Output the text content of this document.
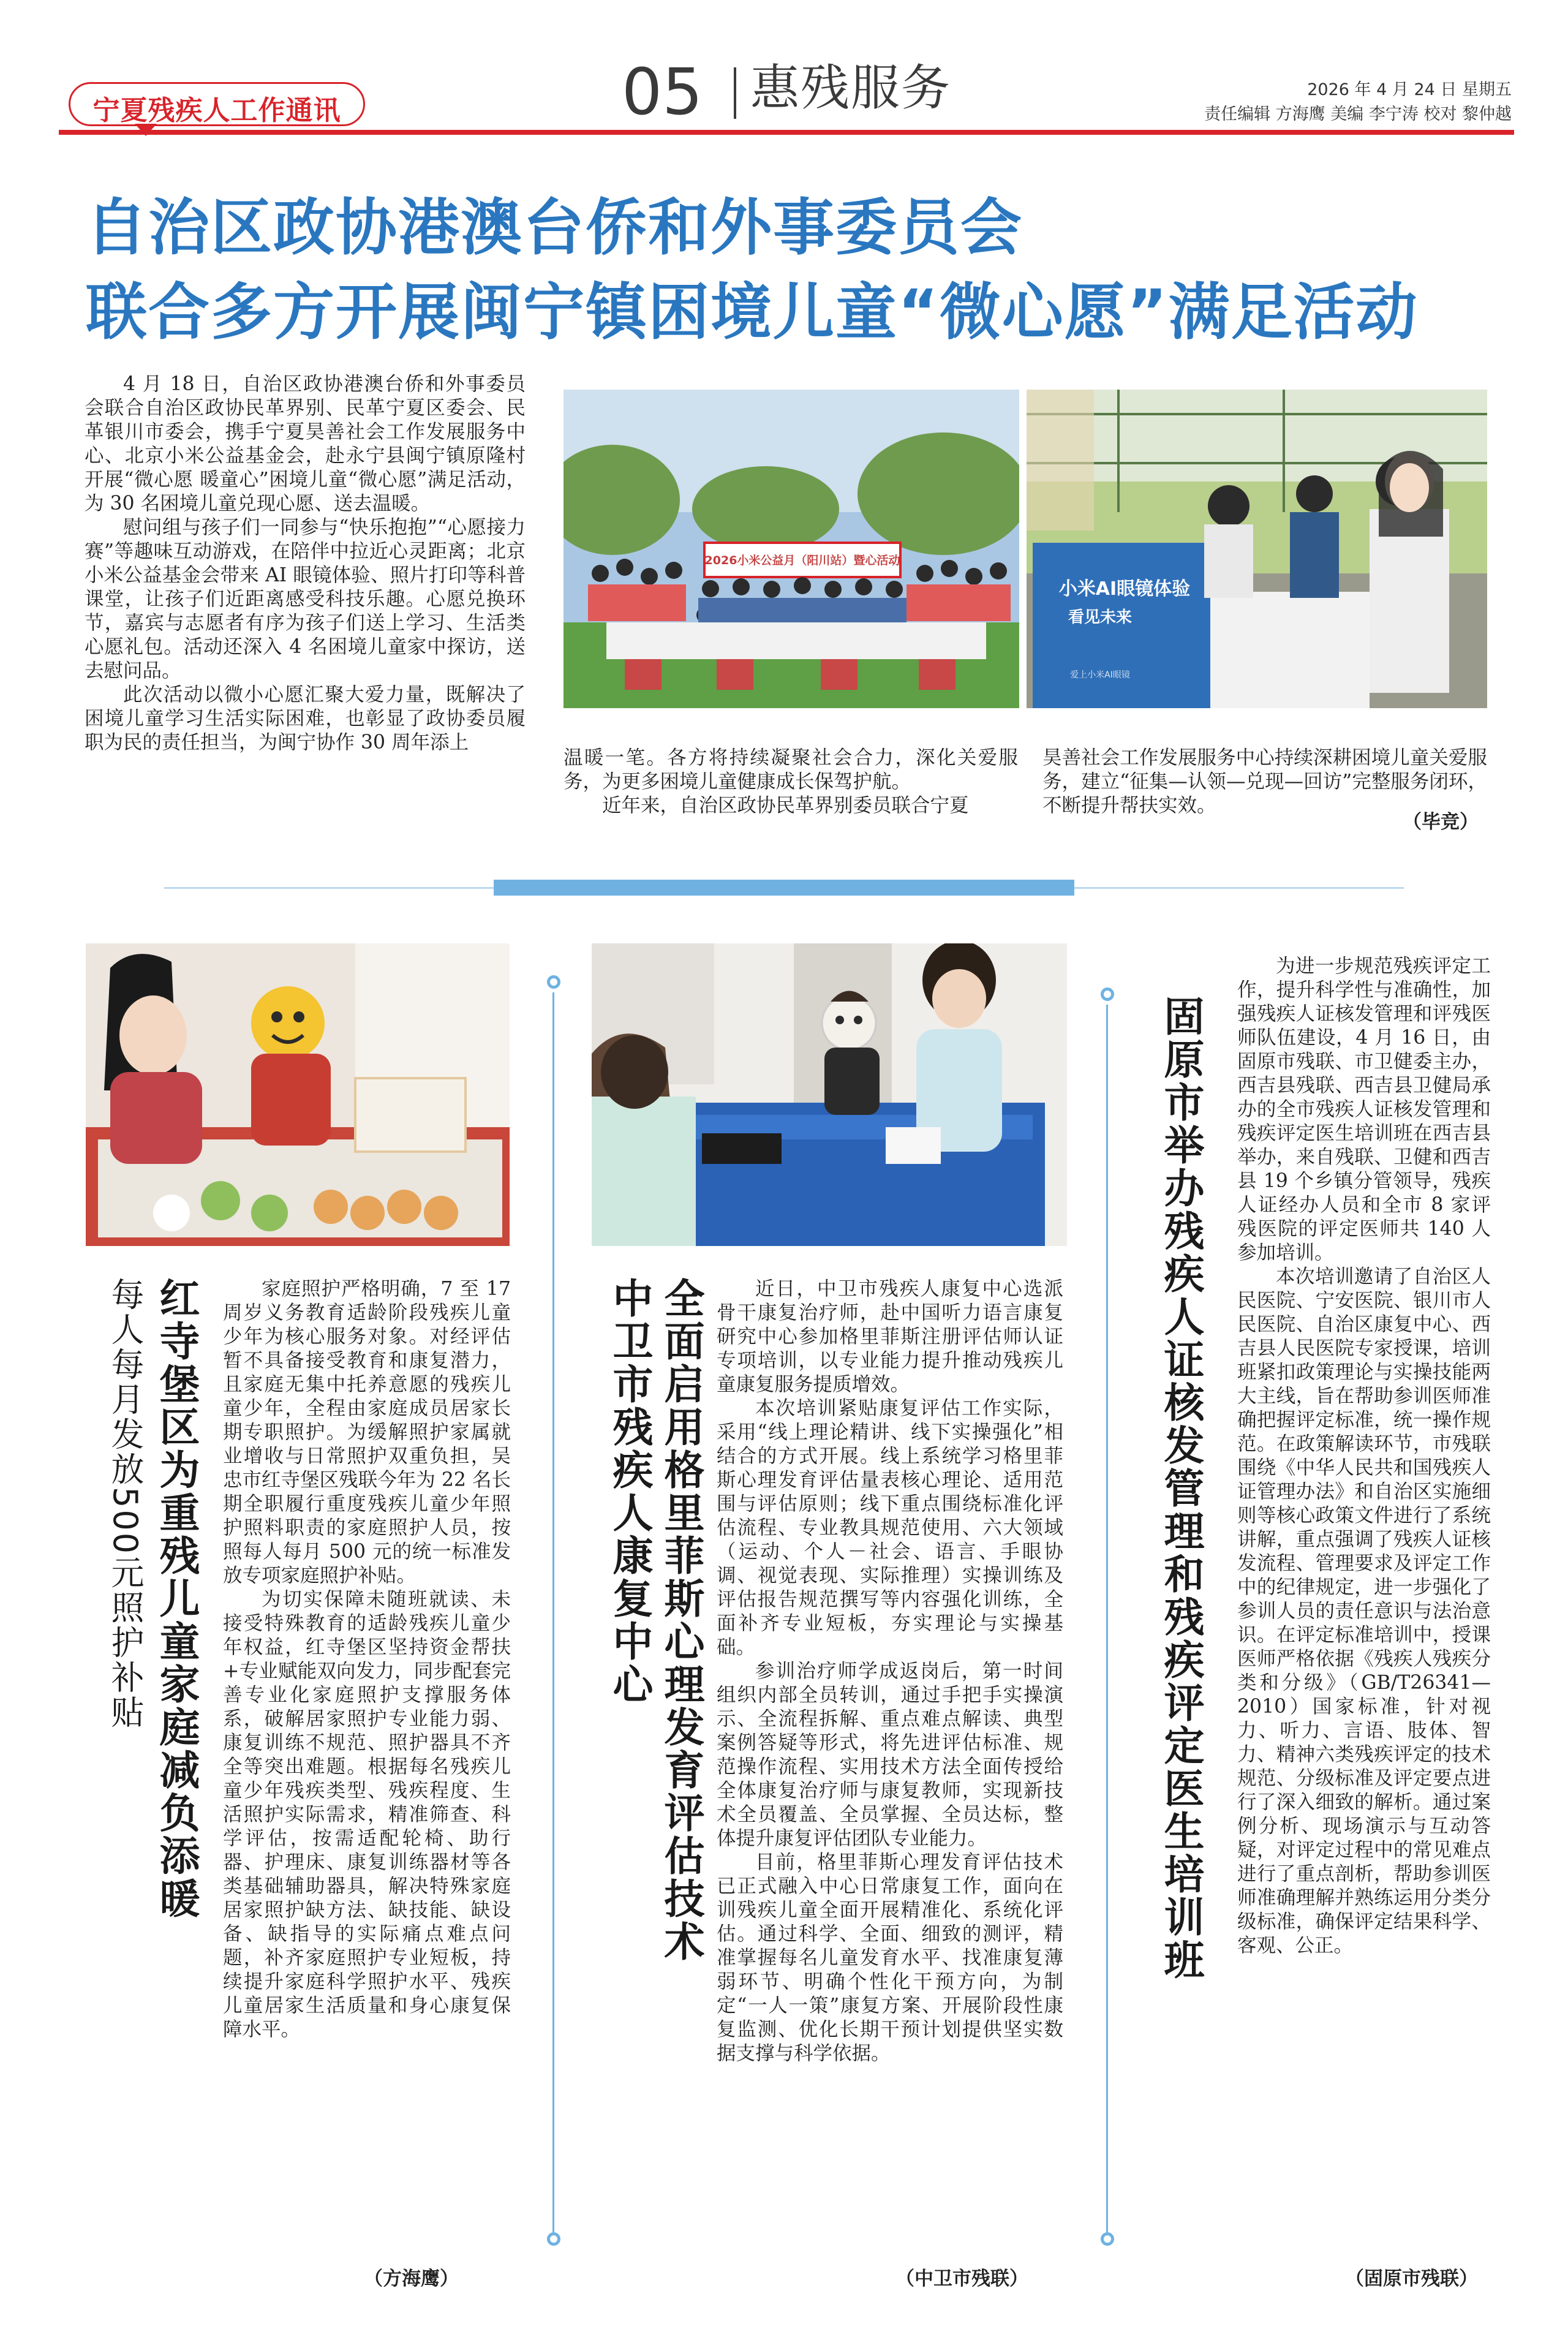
宁夏残疾人工作通讯	05 惠残服务	2026 年 4 月 24 日 星期五
责任编辑 方海鹰 美编 李宁涛 校对 黎仲越
自治区政协港澳台侨和外事委员会
联合多方开展闽宁镇困境儿童“微心愿”满足活动

4 月 18 日，自治区政协港澳台侨和外事委员会联合自治区政协民革界别、民革宁夏区委会、民革银川市委会，携手宁夏昊善社会工作发展服务中心、北京小米公益基金会，赴永宁县闽宁镇原隆村开展“微心愿 暖童心”困境儿童“微心愿”满足活动，为 30 名困境儿童兑现心愿、送去温暖。

慰问组与孩子们一同参与“快乐抱抱”“心愿接力赛”等趣味互动游戏，在陪伴中拉近心灵距离；北京小米公益基金会带来 AI 眼镜体验、照片打印等科普课堂，让孩子们近距离感受科技乐趣。心愿兑换环节，嘉宾与志愿者有序为孩子们送上学习、生活类心愿礼包。活动还深入 4 名困境儿童家中探访，送去慰问品。

此次活动以微小心愿汇聚大爱力量，既解决了困境儿童学习生活实际困难，也彰显了政协委员履职为民的责任担当，为闽宁协作 30 周年添上

2026小米公益月（阳川站）暨心活动
小米AI眼镜体验
看见未来
爱上小米AI眼镜

温暖一笔。各方将持续凝聚社会合力，深化关爱服务，为更多困境儿童健康成长保驾护航。

近年来，自治区政协民革界别委员联合宁夏

昊善社会工作发展服务中心持续深耕困境儿童关爱服务，建立“征集—认领—兑现—回访”完整服务闭环，不断提升帮扶实效。

（毕竞）
红寺堡区为重残儿童家庭减负添暖
每人每月发放500元照护补贴	家庭照护严格明确，7 至 17 周岁义务教育适龄阶段残疾儿童少年为核心服务对象。对经评估暂不具备接受教育和康复潜力，且家庭无集中托养意愿的残疾儿童少年，全程由家庭成员居家长期专职照护。为缓解照护家属就业增收与日常照护双重负担，吴忠市红寺堡区残联今年为 22 名长期全职履行重度残疾儿童少年照护照料职责的家庭照护人员，按照每人每月 500 元的统一标准发放专项家庭照护补贴。

为切实保障未随班就读、未接受特殊教育的适龄残疾儿童少年权益，红寺堡区坚持资金帮扶+专业赋能双向发力，同步配套完善专业化家庭照护支撑服务体系，破解居家照护专业能力弱、康复训练不规范、照护器具不齐全等突出难题。根据每名残疾儿童少年残疾类型、残疾程度、生活照护实际需求，精准筛查、科学评估，按需适配轮椅、助行器、护理床、康复训练器材等各类基础辅助器具，解决特殊家庭居家照护缺方法、缺技能、缺设备、缺指导的实际痛点难点问题，补齐家庭照护专业短板，持续提升家庭科学照护水平、残疾儿童居家生活质量和身心康复保障水平。

（方海鹰）
全面启用格里菲斯心理发育评估技术
中卫市残疾人康复中心	近日，中卫市残疾人康复中心选派骨干康复治疗师，赴中国听力语言康复研究中心参加格里菲斯注册评估师认证专项培训，以专业能力提升推动残疾儿童康复服务提质增效。

本次培训紧贴康复评估工作实际，采用“线上理论精讲、线下实操强化”相结合的方式开展。线上系统学习格里菲斯心理发育评估量表核心理论、适用范围与评估原则；线下重点围绕标准化评估流程、专业教具规范使用、六大领域（运动、个人－社会、语言、手眼协调、视觉表现、实际推理）实操训练及评估报告规范撰写等内容强化训练，全面补齐专业短板，夯实理论与实操基础。

参训治疗师学成返岗后，第一时间组织内部全员转训，通过手把手实操演示、全流程拆解、重点难点解读、典型案例答疑等形式，将先进评估标准、规范操作流程、实用技术方法全面传授给全体康复治疗师与康复教师，实现新技术全员覆盖、全员掌握、全员达标，整体提升康复评估团队专业能力。

目前，格里菲斯心理发育评估技术已正式融入中心日常康复工作，面向在训残疾儿童全面开展精准化、系统化评估。通过科学、全面、细致的测评，精准掌握每名儿童发育水平、找准康复薄弱环节、明确个性化干预方向，为制定“一人一策”康复方案、开展阶段性康复监测、优化长期干预计划提供坚实数据支撑与科学依据。

（中卫市残联）
固原市举办残疾人证核发管理和残疾评定医生培训班

为进一步规范残疾评定工作，提升科学性与准确性，加强残疾人证核发管理和评残医师队伍建设，4 月 16 日，由固原市残联、市卫健委主办，西吉县残联、西吉县卫健局承办的全市残疾人证核发管理和残疾评定医生培训班在西吉县举办，来自残联、卫健和西吉县 19 个乡镇分管领导，残疾人证经办人员和全市 8 家评残医院的评定医师共 140 人参加培训。

本次培训邀请了自治区人民医院、宁安医院、银川市人民医院、自治区康复中心、西吉县人民医院专家授课，培训班紧扣政策理论与实操技能两大主线，旨在帮助参训医师准确把握评定标准，统一操作规范。在政策解读环节，市残联围绕《中华人民共和国残疾人证管理办法》和自治区实施细则等核心政策文件进行了系统讲解，重点强调了残疾人证核发流程、管理要求及评定工作中的纪律规定，进一步强化了参训人员的责任意识与法治意识。在评定标准培训中，授课医师严格依据《残疾人残疾分类和分级》（GB/T26341—2010）国家标准，针对视力、听力、言语、肢体、智力、精神六类残疾评定的技术规范、分级标准及评定要点进行了深入细致的解析。通过案例分析、现场演示与互动答疑，对评定过程中的常见难点进行了重点剖析，帮助参训医师准确理解并熟练运用分类分级标准，确保评定结果科学、客观、公正。

（固原市残联）
